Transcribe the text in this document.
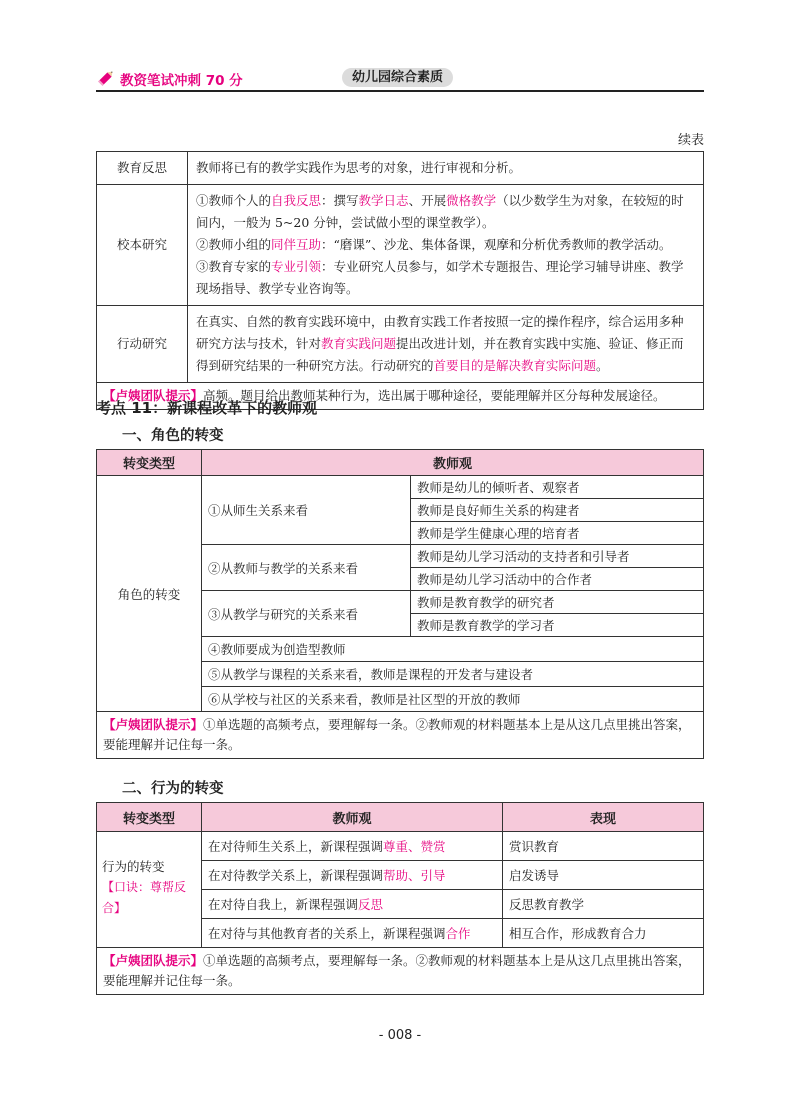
教资笔试冲刺 70 分	幼儿园综合素质
续表
教育反思	教师将已有的教学实践作为思考的对象，进行审视和分析。
校本研究	①教师个人的自我反思：撰写教学日志、开展微格教学（以少数学生为对象，在较短的时间内，一般为 5~20 分钟，尝试做小型的课堂教学）。
②教师小组的同伴互助：“磨课”、沙龙、集体备课，观摩和分析优秀教师的教学活动。
③教育专家的专业引领：专业研究人员参与，如学术专题报告、理论学习辅导讲座、教学现场指导、教学专业咨询等。

行动研究	在真实、自然的教育实践环境中，由教育实践工作者按照一定的操作程序，综合运用多种研究方法与技术，针对教育实践问题提出改进计划，并在教育实践中实施、验证、修正而得到研究结果的一种研究方法。行动研究的首要目的是解决教育实际问题。
【卢姨团队提示】高频。题目给出教师某种行为，选出属于哪种途径，要能理解并区分每种发展途径。	
考点 11：新课程改革下的教师观
一、角色的转变
转变类型	教师观	
角色的转变	①从师生关系来看	教师是幼儿的倾听者、观察者
		教师是良好师生关系的构建者
		教师是学生健康心理的培育者
	②从教师与教学的关系来看	教师是幼儿学习活动的支持者和引导者
		教师是幼儿学习活动中的合作者
	③从教学与研究的关系来看	教师是教育教学的研究者
		教师是教育教学的学习者
	④教师要成为创造型教师	
	⑤从教学与课程的关系来看，教师是课程的开发者与建设者	
	⑥从学校与社区的关系来看，教师是社区型的开放的教师	
【卢姨团队提示】①单选题的高频考点，要理解每一条。②教师观的材料题基本上是从这几点里挑出答案，要能理解并记住每一条。		
二、行为的转变
转变类型	教师观	表现

行为的转变
【口诀：尊帮反合】	在对待师生关系上，新课程强调尊重、赞赏	赏识教育
	在对待教学关系上，新课程强调帮助、引导	启发诱导
	在对待自我上，新课程强调反思	反思教育教学
	在对待与其他教育者的关系上，新课程强调合作	相互合作，形成教育合力
【卢姨团队提示】①单选题的高频考点，要理解每一条。②教师观的材料题基本上是从这几点里挑出答案，要能理解并记住每一条。		
- 008 -
